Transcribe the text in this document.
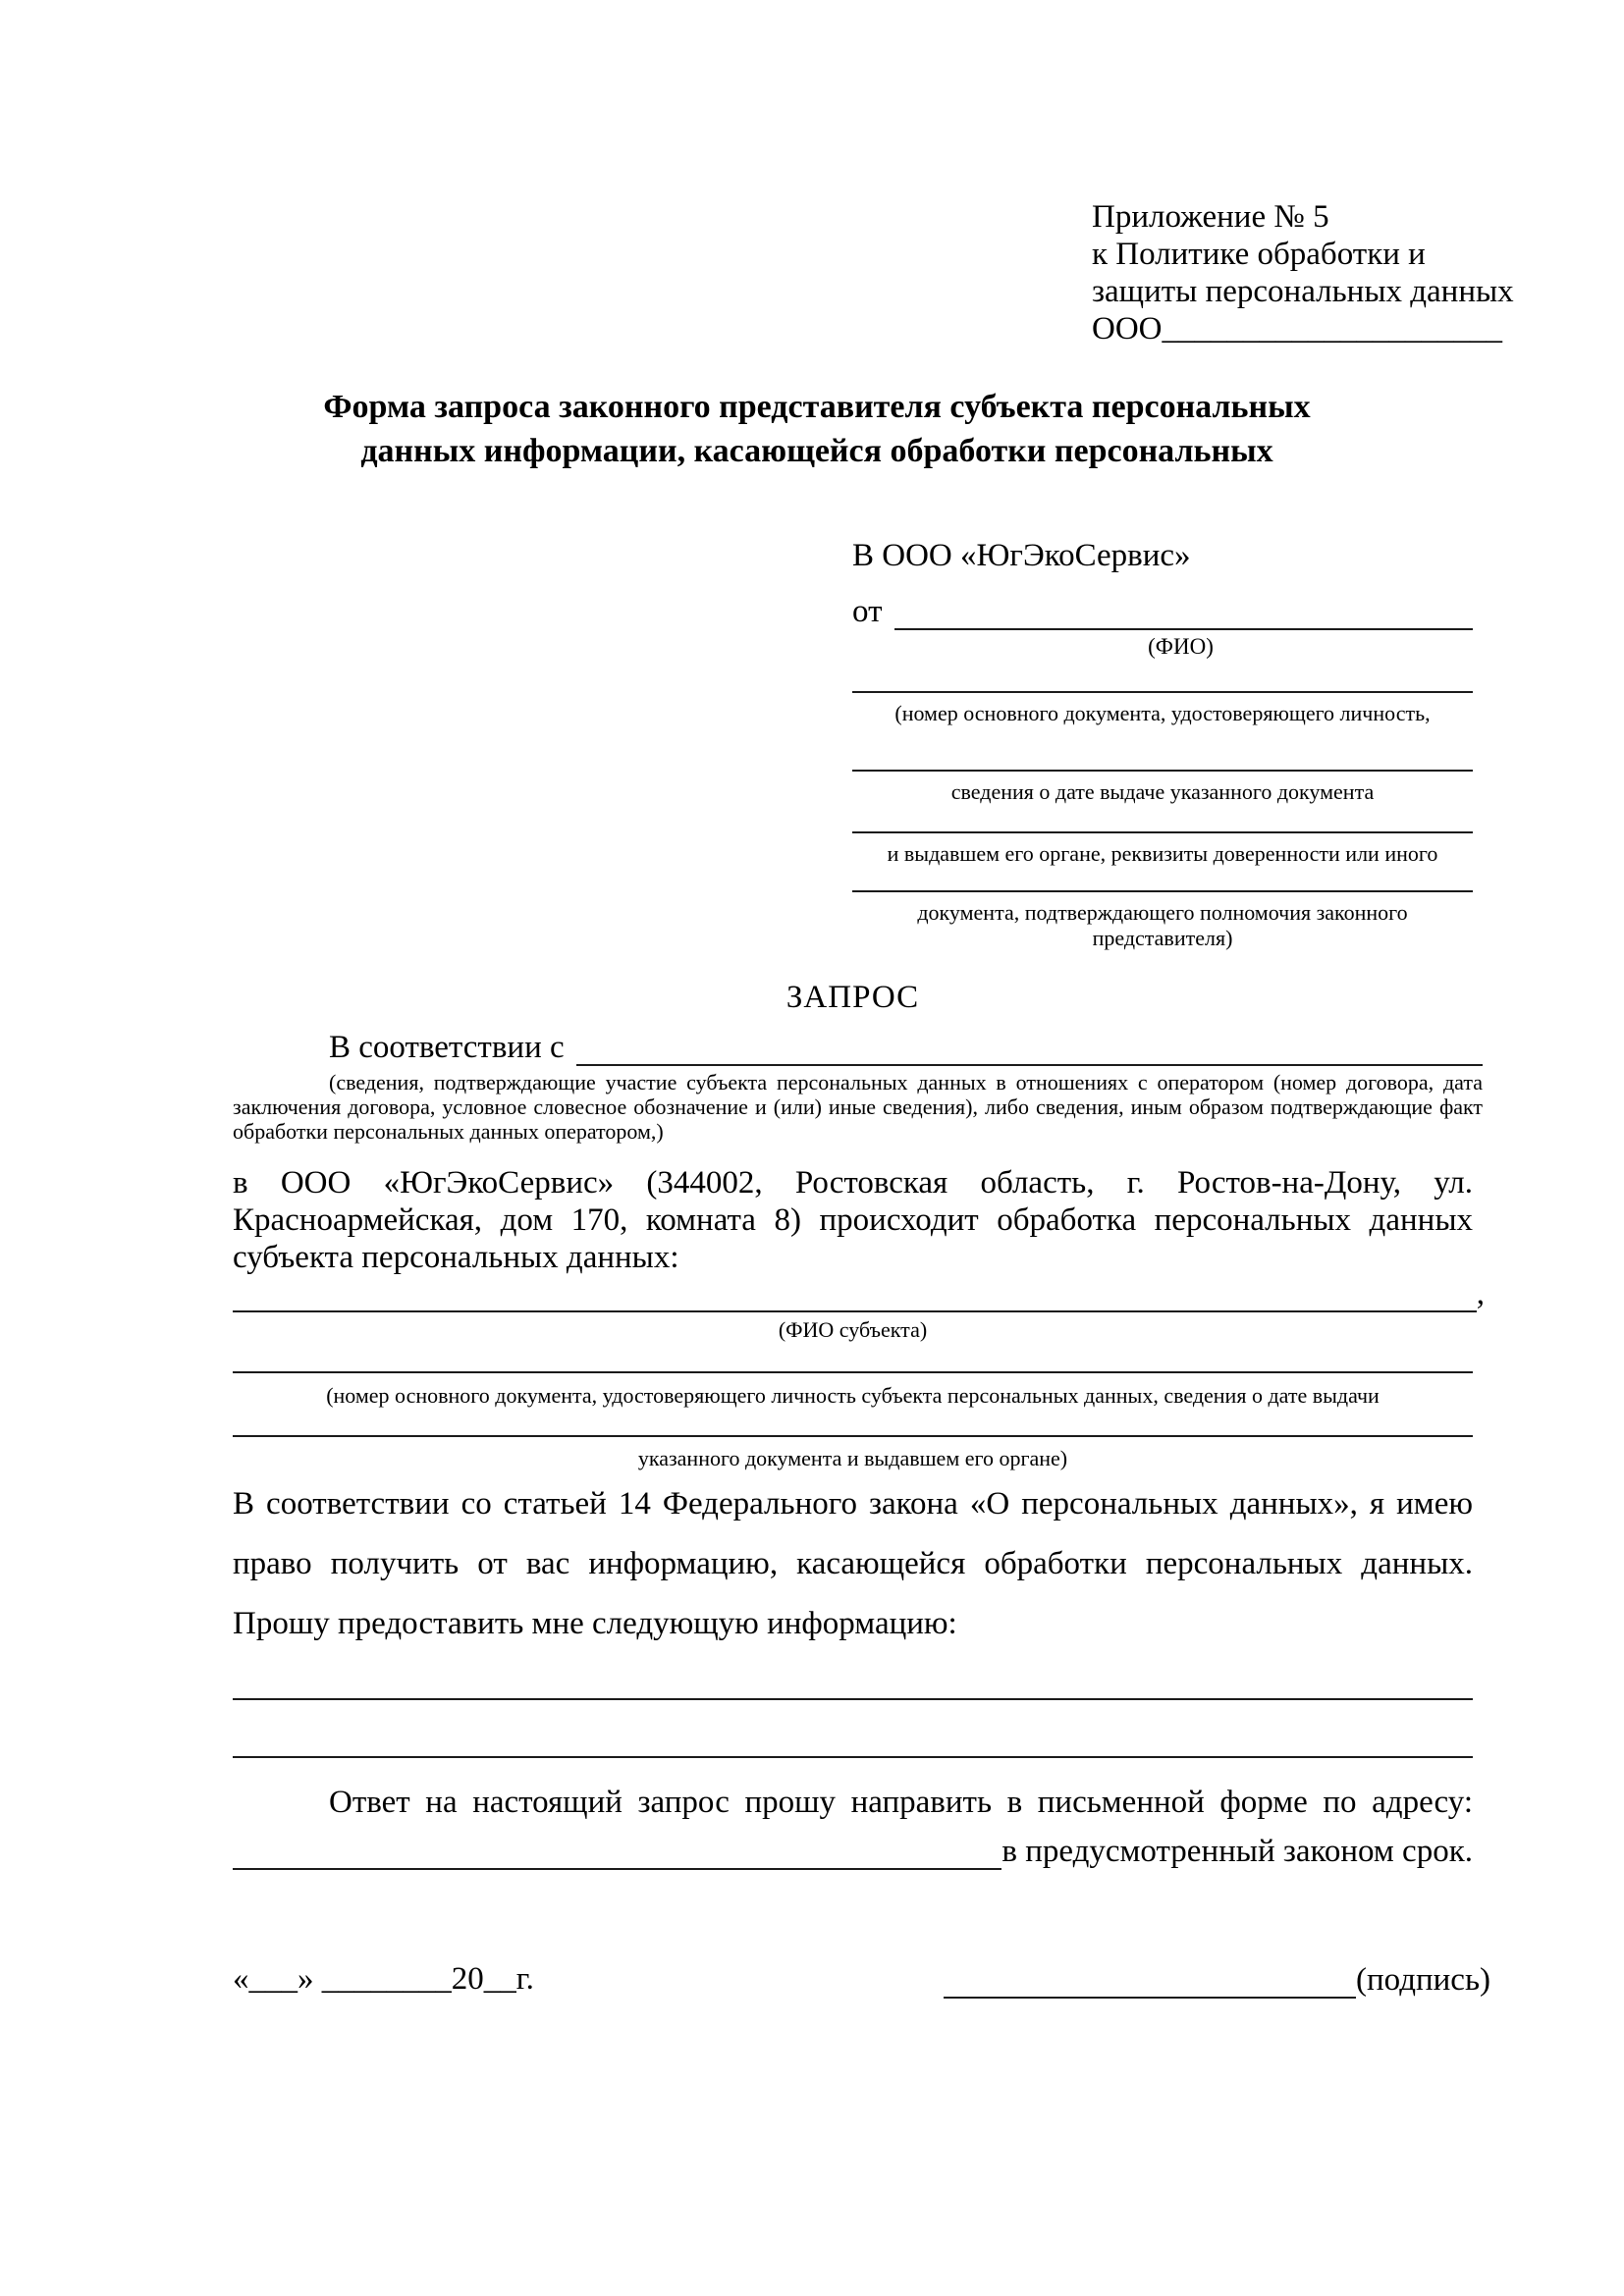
Приложение № 5
к Политике обработки и
защиты персональных данных
ООО_____________________
Форма запроса законного представителя субъекта персональных
данных информации, касающейся обработки персональных
В ООО «ЮгЭкоСервис»
от
(ФИО)
(номер основного документа, удостоверяющего личность,
сведения о дате выдаче указанного документа
и выдавшем его органе, реквизиты доверенности или иного
документа, подтверждающего полномочия законного представителя)
ЗАПРОС
В соответствии с
(сведения, подтверждающие участие субъекта персональных данных в отношениях с оператором (номер договора, дата заключения договора, условное словесное обозначение и (или) иные сведения), либо сведения, иным образом подтверждающие факт обработки персональных данных оператором,)
в ООО «ЮгЭкоСервис» (344002, Ростовская область, г. Ростов-на-Дону, ул. Красноармейская, дом 170, комната 8) происходит обработка персональных данных субъекта персональных данных:
,
(ФИО субъекта)
(номер основного документа, удостоверяющего личность субъекта персональных данных, сведения о дате выдачи
указанного документа и выдавшем его органе)
В соответствии со статьей 14 Федерального закона «О персональных данных», я имею право получить от вас информацию, касающейся обработки персональных данных. Прошу предоставить мне следующую информацию:
Ответ на настоящий запрос прошу направить в письменной форме по адресу:
в предусмотренный законом срок.
«___» ________20__г.	(подпись)
